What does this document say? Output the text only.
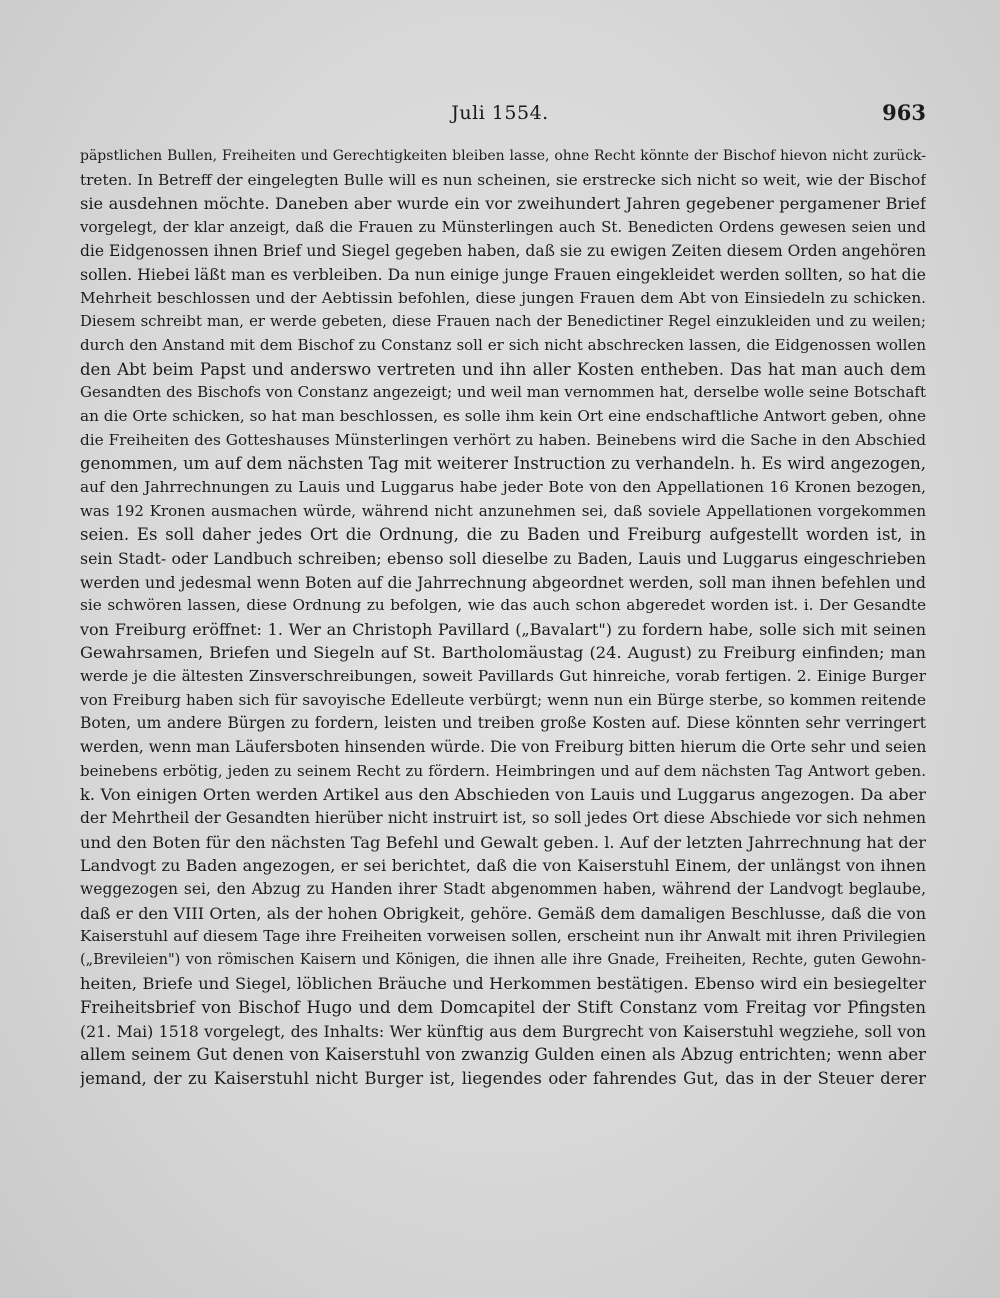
Juli 1554.	963
päpstlichen Bullen, Freiheiten und Gerechtigkeiten bleiben lasse, ohne Recht könnte der Bischof hievon nicht zurück-
treten. In Betreff der eingelegten Bulle will es nun scheinen, sie erstrecke sich nicht so weit, wie der Bischof
sie ausdehnen möchte. Daneben aber wurde ein vor zweihundert Jahren gegebener pergamener Brief
vorgelegt, der klar anzeigt, daß die Frauen zu Münsterlingen auch St. Benedicten Ordens gewesen seien und
die Eidgenossen ihnen Brief und Siegel gegeben haben, daß sie zu ewigen Zeiten diesem Orden angehören
sollen. Hiebei läßt man es verbleiben. Da nun einige junge Frauen eingekleidet werden sollten, so hat die
Mehrheit beschlossen und der Aebtissin befohlen, diese jungen Frauen dem Abt von Einsiedeln zu schicken.
Diesem schreibt man, er werde gebeten, diese Frauen nach der Benedictiner Regel einzukleiden und zu weilen;
durch den Anstand mit dem Bischof zu Constanz soll er sich nicht abschrecken lassen, die Eidgenossen wollen
den Abt beim Papst und anderswo vertreten und ihn aller Kosten entheben. Das hat man auch dem
Gesandten des Bischofs von Constanz angezeigt; und weil man vernommen hat, derselbe wolle seine Botschaft
an die Orte schicken, so hat man beschlossen, es solle ihm kein Ort eine endschaftliche Antwort geben, ohne
die Freiheiten des Gotteshauses Münsterlingen verhört zu haben. Beinebens wird die Sache in den Abschied
genommen, um auf dem nächsten Tag mit weiterer Instruction zu verhandeln. h. Es wird angezogen,
auf den Jahrrechnungen zu Lauis und Luggarus habe jeder Bote von den Appellationen 16 Kronen bezogen,
was 192 Kronen ausmachen würde, während nicht anzunehmen sei, daß soviele Appellationen vorgekommen
seien. Es soll daher jedes Ort die Ordnung, die zu Baden und Freiburg aufgestellt worden ist, in
sein Stadt- oder Landbuch schreiben; ebenso soll dieselbe zu Baden, Lauis und Luggarus eingeschrieben
werden und jedesmal wenn Boten auf die Jahrrechnung abgeordnet werden, soll man ihnen befehlen und
sie schwören lassen, diese Ordnung zu befolgen, wie das auch schon abgeredet worden ist. i. Der Gesandte
von Freiburg eröffnet: 1. Wer an Christoph Pavillard („Bavalart") zu fordern habe, solle sich mit seinen
Gewahrsamen, Briefen und Siegeln auf St. Bartholomäustag (24. August) zu Freiburg einfinden; man
werde je die ältesten Zinsverschreibungen, soweit Pavillards Gut hinreiche, vorab fertigen. 2. Einige Burger
von Freiburg haben sich für savoyische Edelleute verbürgt; wenn nun ein Bürge sterbe, so kommen reitende
Boten, um andere Bürgen zu fordern, leisten und treiben große Kosten auf. Diese könnten sehr verringert
werden, wenn man Läufersboten hinsenden würde. Die von Freiburg bitten hierum die Orte sehr und seien
beinebens erbötig, jeden zu seinem Recht zu fördern. Heimbringen und auf dem nächsten Tag Antwort geben.
k. Von einigen Orten werden Artikel aus den Abschieden von Lauis und Luggarus angezogen. Da aber
der Mehrtheil der Gesandten hierüber nicht instruirt ist, so soll jedes Ort diese Abschiede vor sich nehmen
und den Boten für den nächsten Tag Befehl und Gewalt geben. l. Auf der letzten Jahrrechnung hat der
Landvogt zu Baden angezogen, er sei berichtet, daß die von Kaiserstuhl Einem, der unlängst von ihnen
weggezogen sei, den Abzug zu Handen ihrer Stadt abgenommen haben, während der Landvogt beglaube,
daß er den VIII Orten, als der hohen Obrigkeit, gehöre. Gemäß dem damaligen Beschlusse, daß die von
Kaiserstuhl auf diesem Tage ihre Freiheiten vorweisen sollen, erscheint nun ihr Anwalt mit ihren Privilegien
(„Brevileien") von römischen Kaisern und Königen, die ihnen alle ihre Gnade, Freiheiten, Rechte, guten Gewohn-
heiten, Briefe und Siegel, löblichen Bräuche und Herkommen bestätigen. Ebenso wird ein besiegelter
Freiheitsbrief von Bischof Hugo und dem Domcapitel der Stift Constanz vom Freitag vor Pfingsten
(21. Mai) 1518 vorgelegt, des Inhalts: Wer künftig aus dem Burgrecht von Kaiserstuhl wegziehe, soll von
allem seinem Gut denen von Kaiserstuhl von zwanzig Gulden einen als Abzug entrichten; wenn aber
jemand, der zu Kaiserstuhl nicht Burger ist, liegendes oder fahrendes Gut, das in der Steuer derer
